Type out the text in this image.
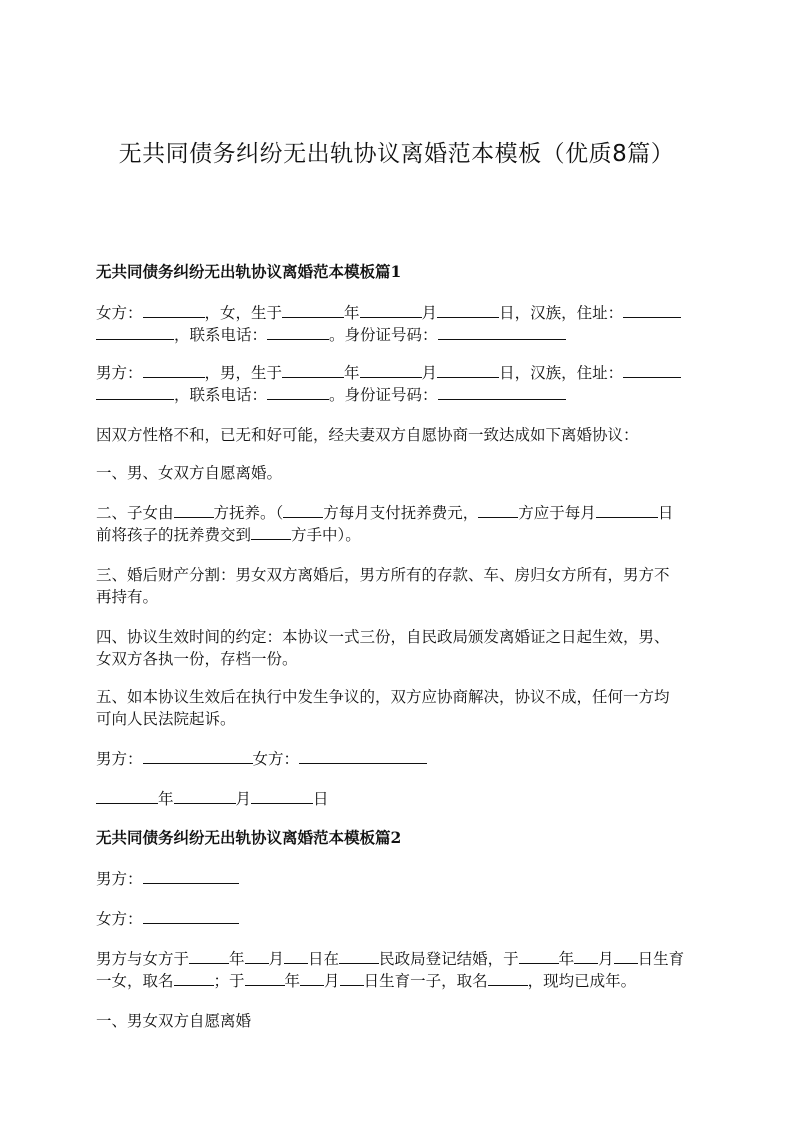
无共同债务纠纷无出轨协议离婚范本模板（优质8篇）
无共同债务纠纷无出轨协议离婚范本模板篇1

女方：	，女，生于	年	月	日，汉族，住址：

，联系电话：	。身份证号码：

男方：	，男，生于	年	月	日，汉族，住址：

，联系电话：	。身份证号码：

因双方性格不和，已无和好可能，经夫妻双方自愿协商一致达成如下离婚协议：

一、男、女双方自愿离婚。

二、子女由	方抚养。（	方每月支付抚养费元，	方应于每月	日

前将孩子的抚养费交到	方手中）。

三、婚后财产分割：男女双方离婚后，男方所有的存款、车、房归女方所有，男方不

再持有。

四、协议生效时间的约定：本协议一式三份，自民政局颁发离婚证之日起生效，男、

女双方各执一份，存档一份。

五、如本协议生效后在执行中发生争议的，双方应协商解决，协议不成，任何一方均

可向人民法院起诉。

男方：	女方：

年	月	日

无共同债务纠纷无出轨协议离婚范本模板篇2

男方：

女方：

男方与女方于	年 月 日在	民政局登记结婚，于	年 月 日生育

一女，取名	；于	年 月 日生育一子，取名	，现均已成年。

一、男女双方自愿离婚
